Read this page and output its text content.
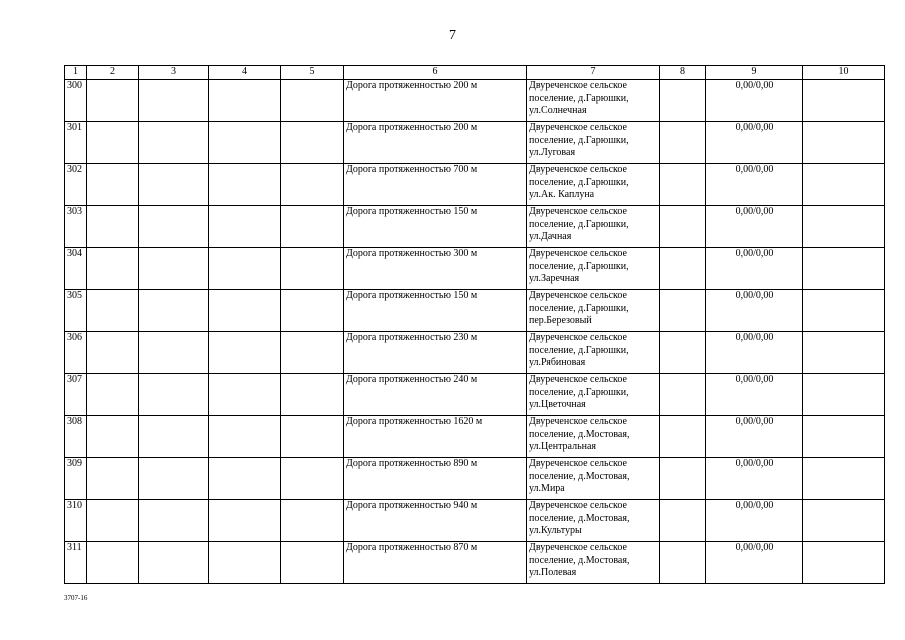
7
1	2	3	4	5	6	7	8	9	10
300					Дорога протяженностью 200 м	Двуреченское сельское
поселение, д.Гарюшки,
ул.Солнечная		0,00/0,00	
301					Дорога протяженностью 200 м	Двуреченское сельское
поселение, д.Гарюшки,
ул.Луговая		0,00/0,00	
302					Дорога протяженностью 700 м	Двуреченское сельское
поселение, д.Гарюшки,
ул.Ак. Каплуна		0,00/0,00	
303					Дорога протяженностью 150 м	Двуреченское сельское
поселение, д.Гарюшки,
ул.Дачная		0,00/0,00	
304					Дорога протяженностью 300 м	Двуреченское сельское
поселение, д.Гарюшки,
ул.Заречная		0,00/0,00	
305					Дорога протяженностью 150 м	Двуреченское сельское
поселение, д.Гарюшки,
пер.Березовый		0,00/0,00	
306					Дорога протяженностью 230 м	Двуреченское сельское
поселение, д.Гарюшки,
ул.Рябиновая		0,00/0,00	
307					Дорога протяженностью 240 м	Двуреченское сельское
поселение, д.Гарюшки,
ул.Цветочная		0,00/0,00	
308					Дорога протяженностью 1620 м	Двуреченское сельское
поселение, д.Мостовая,
ул.Центральная		0,00/0,00	
309					Дорога протяженностью 890 м	Двуреченское сельское
поселение, д.Мостовая,
ул.Мира		0,00/0,00	
310					Дорога протяженностью 940 м	Двуреченское сельское
поселение, д.Мостовая,
ул.Культуры		0,00/0,00	
311					Дорога протяженностью 870 м	Двуреченское сельское
поселение, д.Мостовая,
ул.Полевая		0,00/0,00	
3707-16
